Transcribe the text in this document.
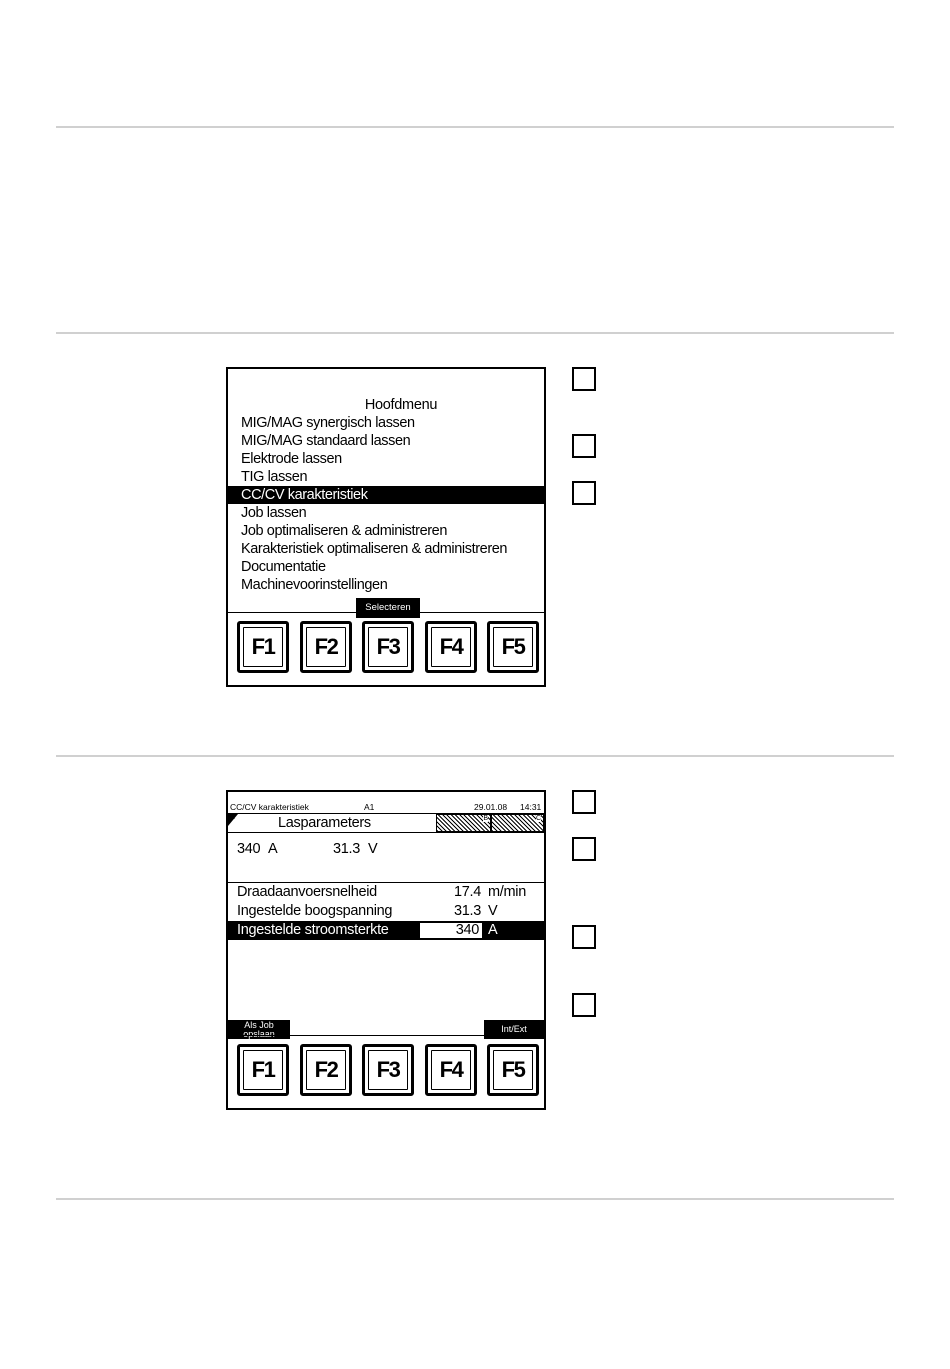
Hoofdmenu
MIG/MAG synergisch lassen
MIG/MAG standaard lassen
Elektrode lassen
TIG lassen
CC/CV karakteristiek
Job lassen
Job optimaliseren & administreren
Karakteristiek optimaliseren & administreren
Documentatie
Machinevoorinstellingen
Selecteren
F1	F2	F3	F4	F5
CC/CV karakteristiek	A1	29.01.08 14:31
A	Lasparameters	B	C
340 A	31.3 V
Draadaanvoersnelheid	17.4 m/min
Ingestelde boogspanning	31.3 V
Ingestelde stroomsterkte	340 A
Als Job
opslaan	Int/Ext
F1	F2	F3	F4	F5
